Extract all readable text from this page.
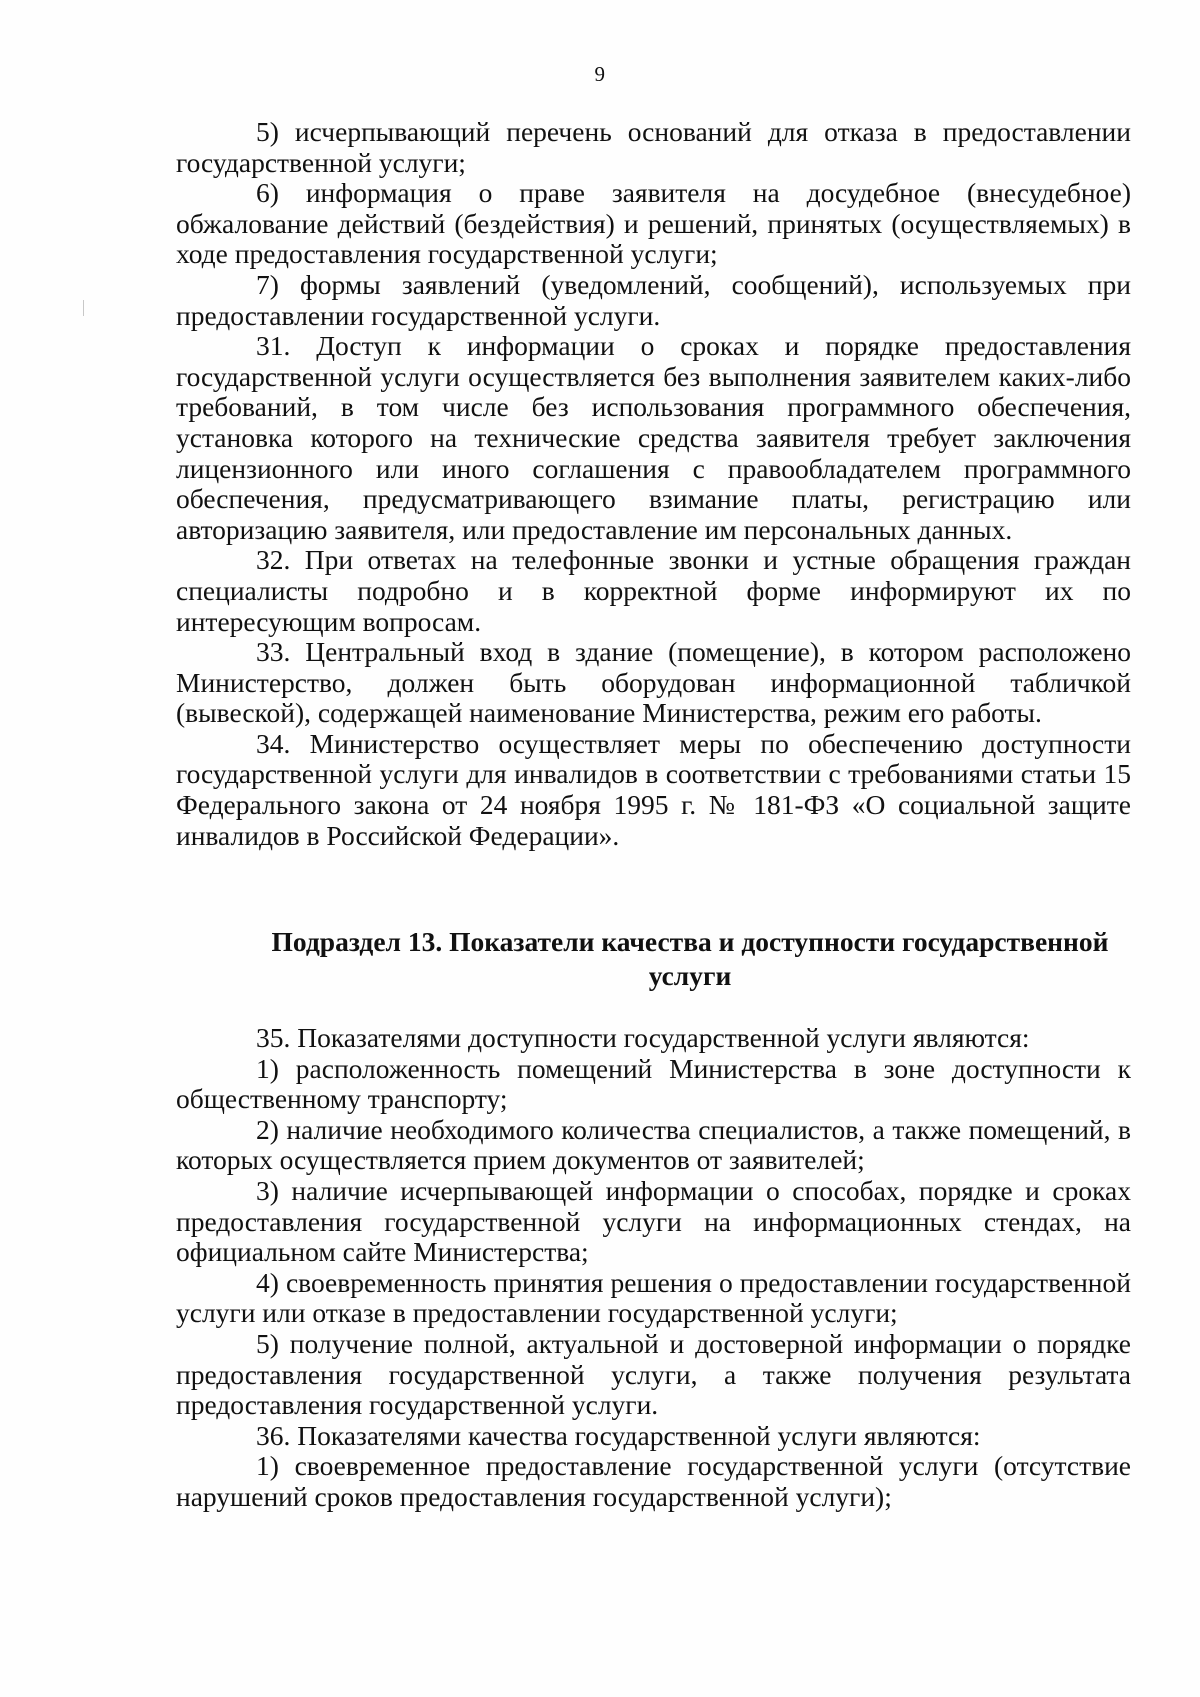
9

5) исчерпывающий перечень оснований для отказа в предоставлении государственной услуги;

6) информация о праве заявителя на досудебное (внесудебное) обжалование действий (бездействия) и решений, принятых (осуществляемых) в ходе предоставления государственной услуги;

7) формы заявлений (уведомлений, сообщений), используемых при предоставлении государственной услуги.

31. Доступ к информации о сроках и порядке предоставления государственной услуги осуществляется без выполнения заявителем каких-либо требований, в том числе без использования программного обеспечения, установка которого на технические средства заявителя требует заключения лицензионного или иного соглашения с правообладателем программного обеспечения, предусматривающего взимание платы, регистрацию или авторизацию заявителя, или предоставление им персональных данных.

32. При ответах на телефонные звонки и устные обращения граждан специалисты подробно и в корректной форме информируют их по интересующим вопросам.

33. Центральный вход в здание (помещение), в котором расположено Министерство, должен быть оборудован информационной табличкой (вывеской), содержащей наименование Министерства, режим его работы.

34. Министерство осуществляет меры по обеспечению доступности государственной услуги для инвалидов в соответствии с требованиями статьи 15 Федерального закона от 24 ноября 1995 г. № 181-ФЗ «О социальной защите инвалидов в Российской Федерации».

Подраздел 13. Показатели качества и доступности государственной услуги

35. Показателями доступности государственной услуги являются:

1) расположенность помещений Министерства в зоне доступности к общественному транспорту;

2) наличие необходимого количества специалистов, а также помещений, в которых осуществляется прием документов от заявителей;

3) наличие исчерпывающей информации о способах, порядке и сроках предоставления государственной услуги на информационных стендах, на официальном сайте Министерства;

4) своевременность принятия решения о предоставлении государственной услуги или отказе в предоставлении государственной услуги;

5) получение полной, актуальной и достоверной информации о порядке предоставления государственной услуги, а также получения результата предоставления государственной услуги.

36. Показателями качества государственной услуги являются:

1) своевременное предоставление государственной услуги (отсутствие нарушений сроков предоставления государственной услуги);
